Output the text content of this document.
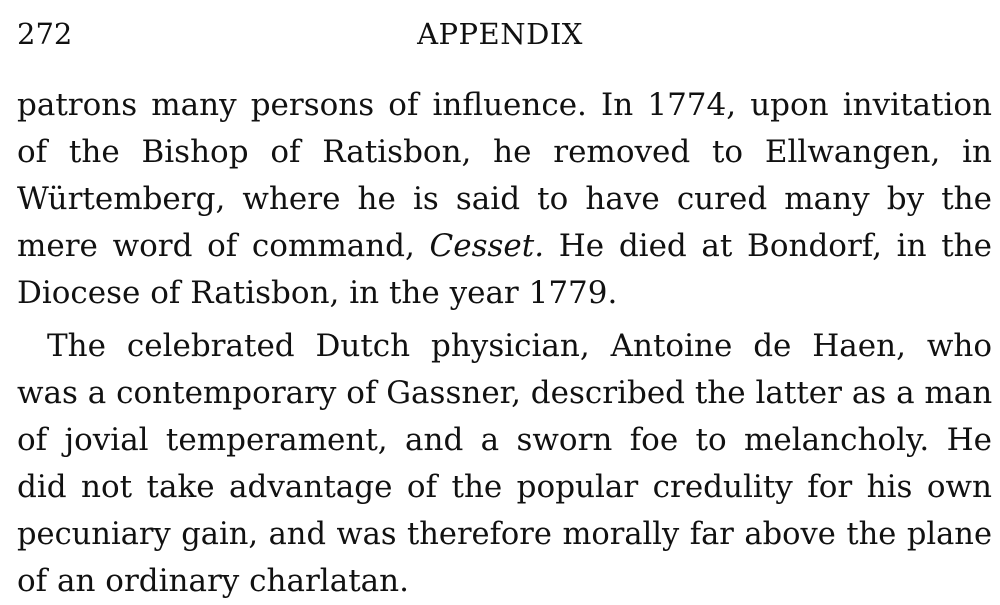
272	APPENDIX
patrons many persons of influence. In 1774, upon invitation
of the Bishop of Ratisbon, he removed to Ellwangen, in
Würtemberg, where he is said to have cured many by the
mere word of command, Cesset. He died at Bondorf, in the
Diocese of Ratisbon, in the year 1779.
The celebrated Dutch physician, Antoine de Haen, who
was a contemporary of Gassner, described the latter as a man
of jovial temperament, and a sworn foe to melancholy. He
did not take advantage of the popular credulity for his own
pecuniary gain, and was therefore morally far above the plane
of an ordinary charlatan.
